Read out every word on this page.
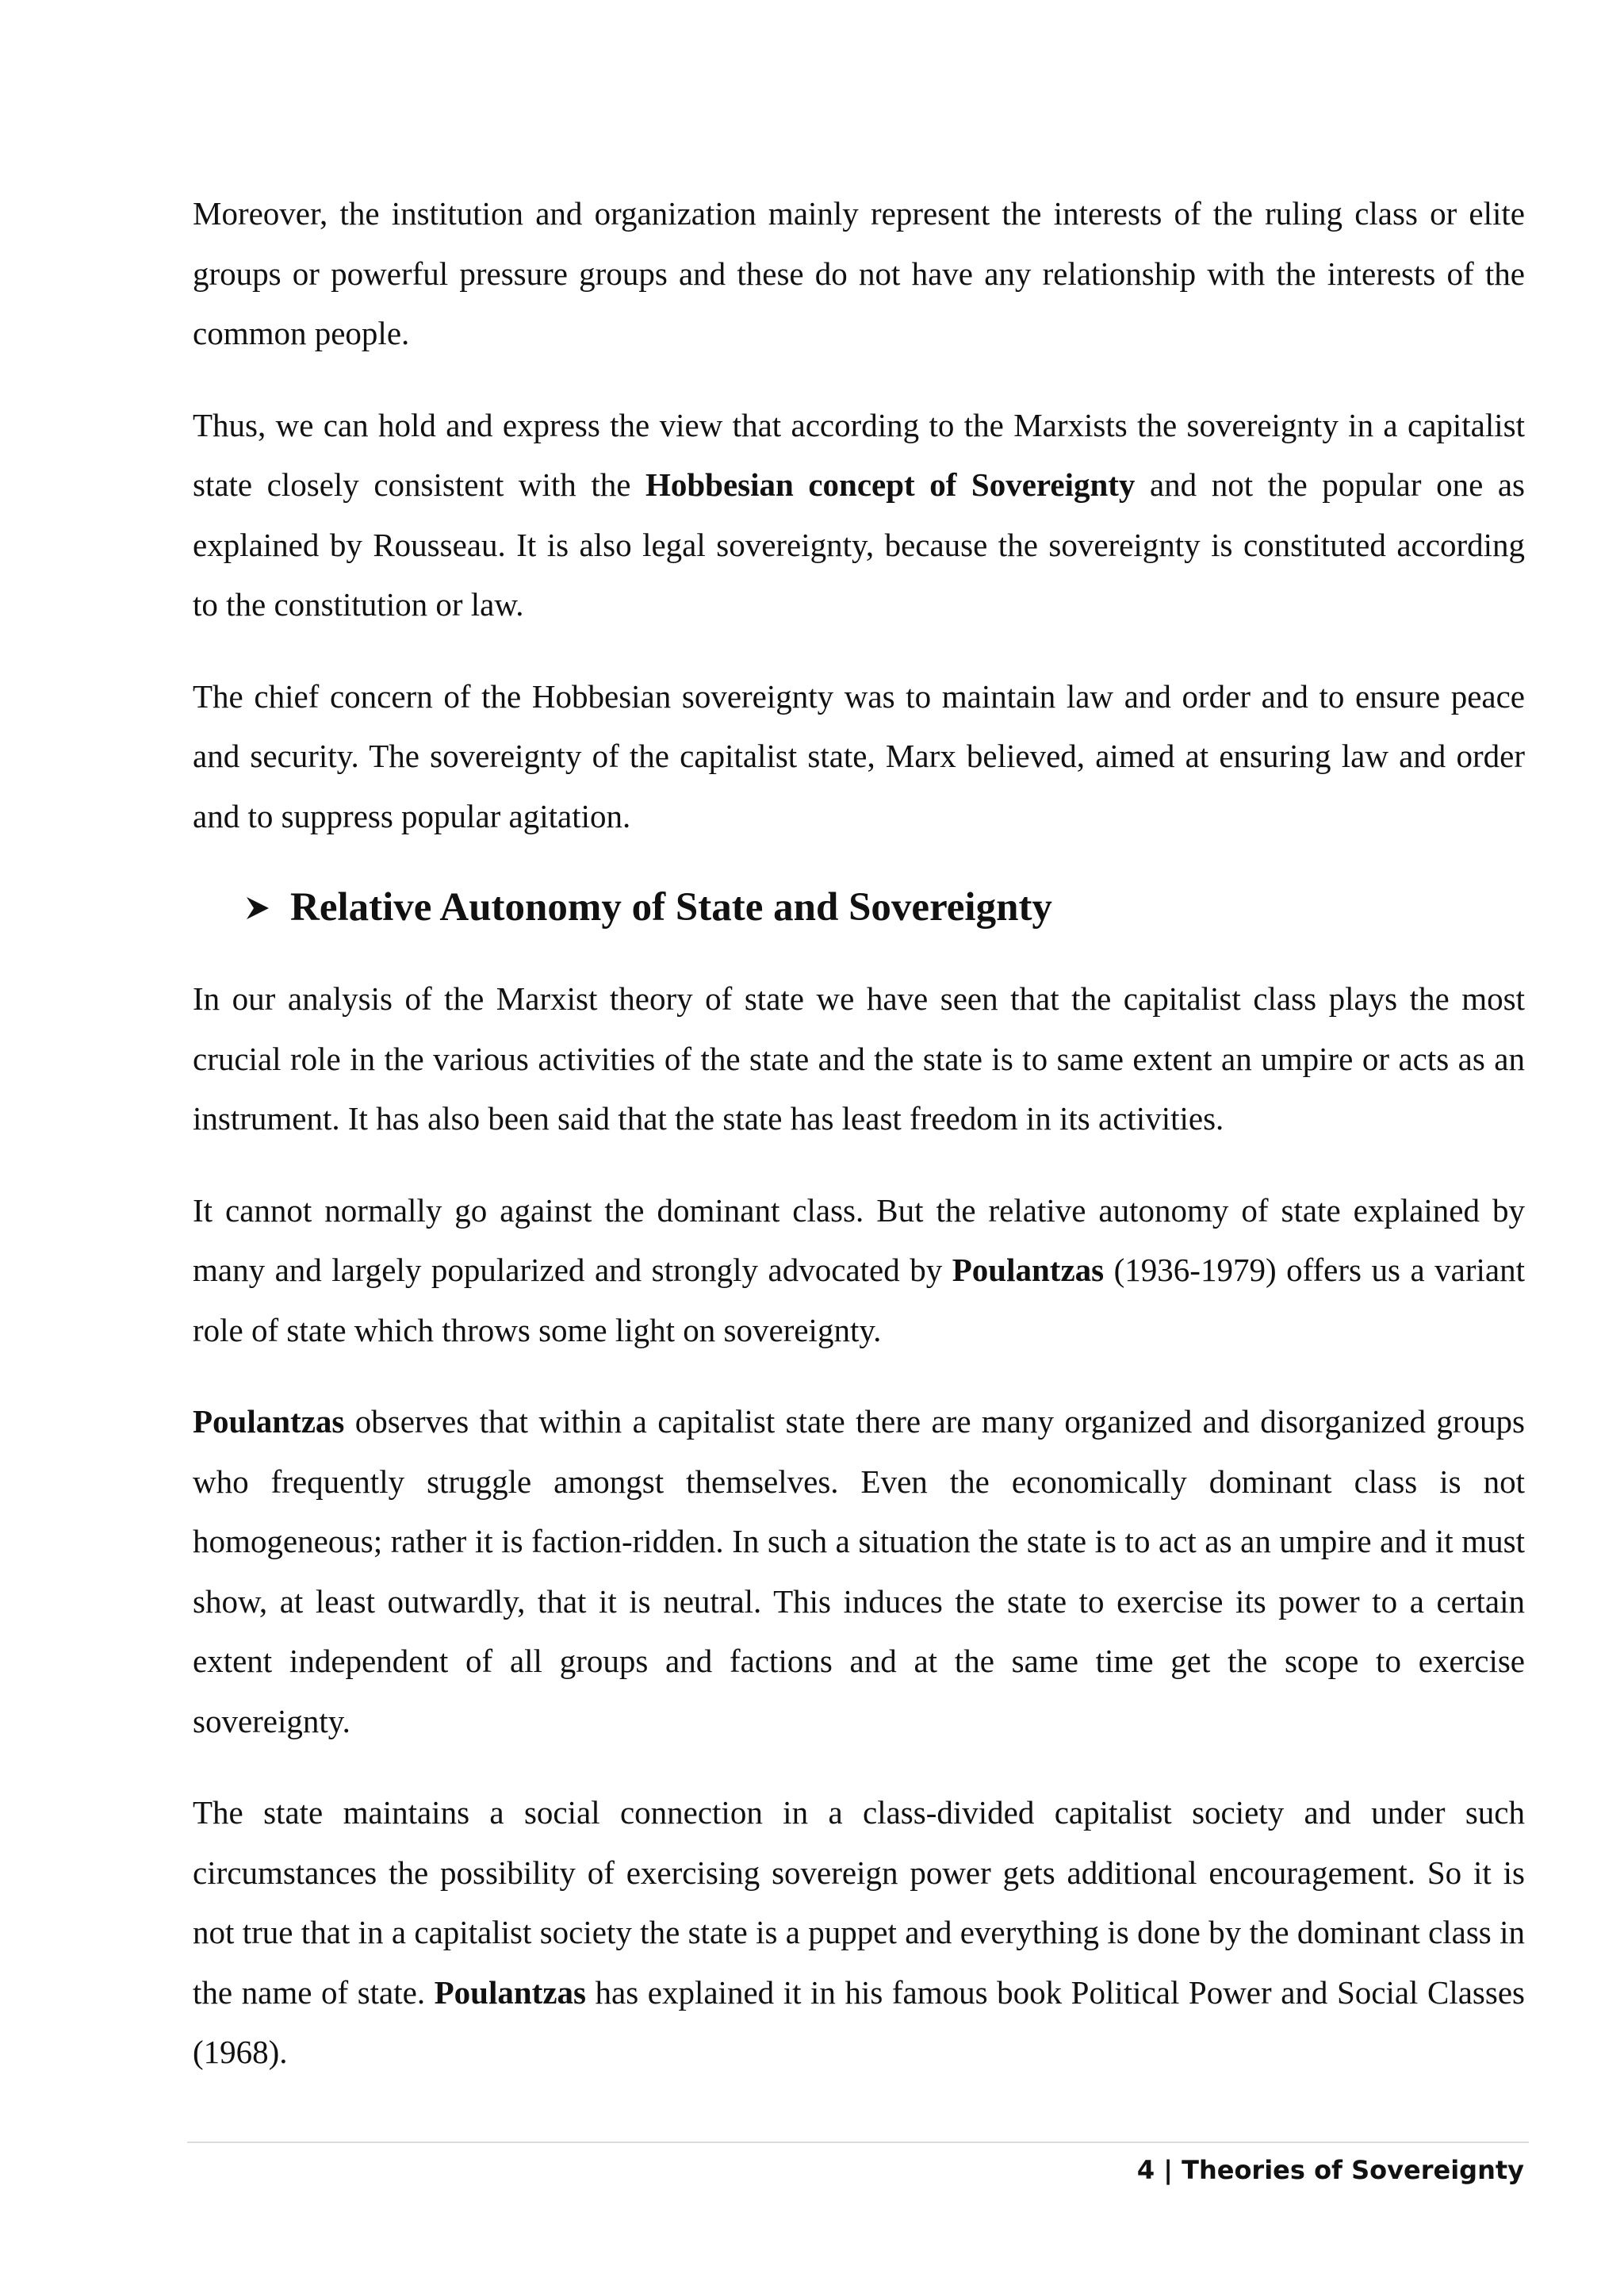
Moreover, the institution and organization mainly represent the interests of the ruling class or elite groups or powerful pressure groups and these do not have any relationship with the interests of the common people.

Thus, we can hold and express the view that according to the Marxists the sovereignty in a capitalist state closely consistent with the Hobbesian concept of Sovereignty and not the popular one as explained by Rousseau. It is also legal sovereignty, because the sovereignty is constituted according to the constitution or law.

The chief concern of the Hobbesian sovereignty was to maintain law and order and to ensure peace and security. The sovereignty of the capitalist state, Marx believed, aimed at ensuring law and order and to suppress popular agitation.

Relative Autonomy of State and Sovereignty

In our analysis of the Marxist theory of state we have seen that the capitalist class plays the most crucial role in the various activities of the state and the state is to same extent an umpire or acts as an instrument. It has also been said that the state has least freedom in its activities.

It cannot normally go against the dominant class. But the relative autonomy of state explained by many and largely popularized and strongly advocated by Poulantzas (1936-1979) offers us a variant role of state which throws some light on sovereignty.

Poulantzas observes that within a capitalist state there are many organized and disorganized groups who frequently struggle amongst themselves. Even the economically dominant class is not homogeneous; rather it is faction-ridden. In such a situation the state is to act as an umpire and it must show, at least outwardly, that it is neutral. This induces the state to exercise its power to a certain extent independent of all groups and factions and at the same time get the scope to exercise sovereignty.

The state maintains a social connection in a class-divided capitalist society and under such circumstances the possibility of exercising sovereign power gets additional encouragement. So it is not true that in a capitalist society the state is a puppet and everything is done by the dominant class in the name of state. Poulantzas has explained it in his famous book Political Power and Social Classes (1968).

4 | Theories of Sovereignty
